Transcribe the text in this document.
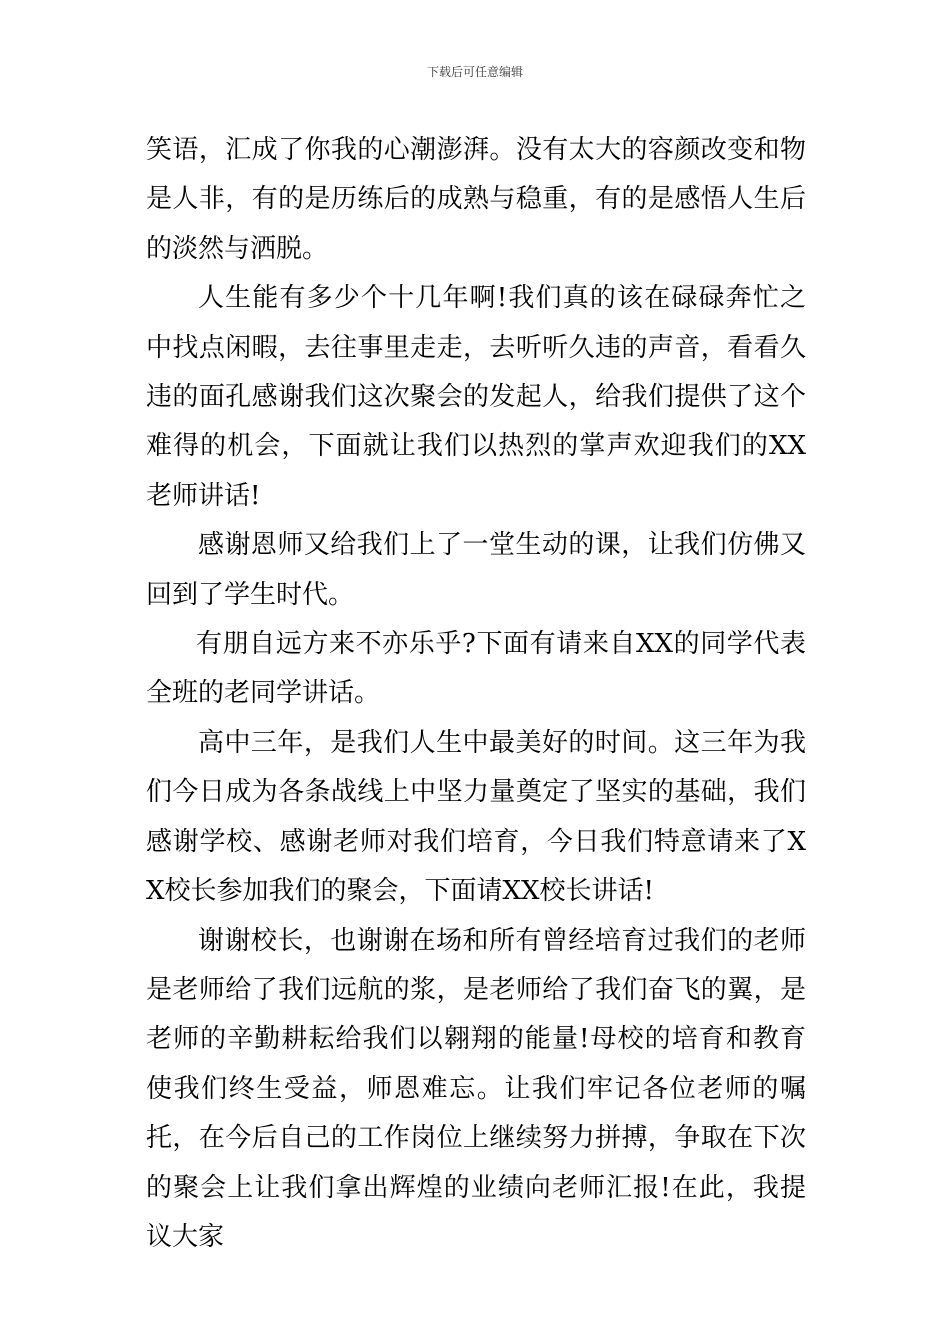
下载后可任意编辑

笑语，汇成了你我的心潮澎湃。没有太大的容颜改变和物是人非，有的是历练后的成熟与稳重，有的是感悟人生后的淡然与洒脱。

人生能有多少个十几年啊!我们真的该在碌碌奔忙之中找点闲暇，去往事里走走，去听听久违的声音，看看久违的面孔感谢我们这次聚会的发起人，给我们提供了这个难得的机会，下面就让我们以热烈的掌声欢迎我们的XX老师讲话!

感谢恩师又给我们上了一堂生动的课，让我们仿佛又回到了学生时代。

有朋自远方来不亦乐乎?下面有请来自XX的同学代表全班的老同学讲话。

高中三年，是我们人生中最美好的时间。这三年为我们今日成为各条战线上中坚力量奠定了坚实的基础，我们感谢学校、感谢老师对我们培育，今日我们特意请来了XX校长参加我们的聚会，下面请XX校长讲话!

谢谢校长，也谢谢在场和所有曾经培育过我们的老师是老师给了我们远航的浆，是老师给了我们奋飞的翼，是老师的辛勤耕耘给我们以翱翔的能量!母校的培育和教育使我们终生受益，师恩难忘。让我们牢记各位老师的嘱托，在今后自己的工作岗位上继续努力拼搏，争取在下次的聚会上让我们拿出辉煌的业绩向老师汇报!在此，我提议大家
